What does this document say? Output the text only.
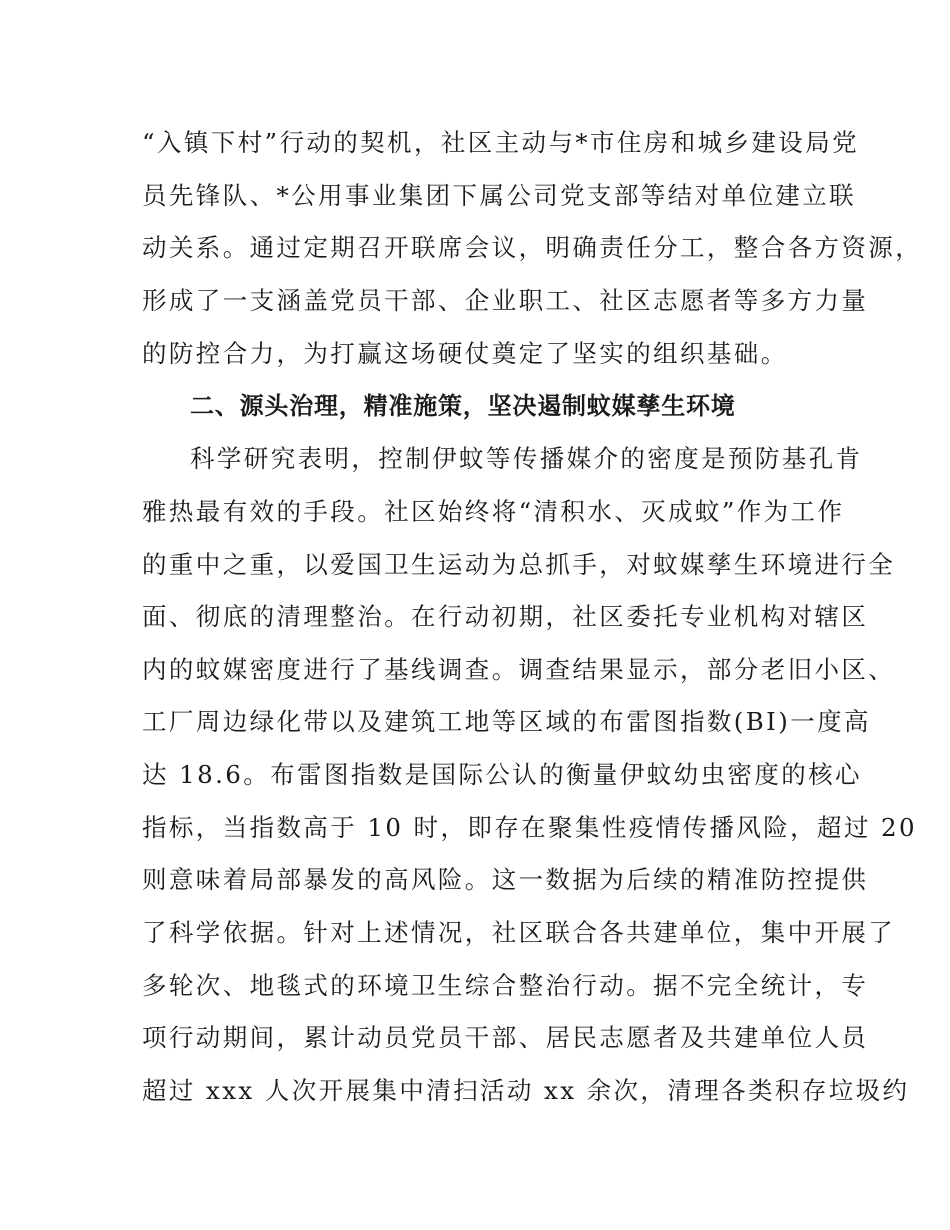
“入镇下村”行动的契机，社区主动与*市住房和城乡建设局党
员先锋队、*公用事业集团下属公司党支部等结对单位建立联
动关系。通过定期召开联席会议，明确责任分工，整合各方资源，
形成了一支涵盖党员干部、企业职工、社区志愿者等多方力量
的防控合力，为打赢这场硬仗奠定了坚实的组织基础。
二、源头治理，精准施策，坚决遏制蚊媒孳生环境
科学研究表明，控制伊蚊等传播媒介的密度是预防基孔肯
雅热最有效的手段。社区始终将“清积水、灭成蚊”作为工作
的重中之重，以爱国卫生运动为总抓手，对蚊媒孳生环境进行全
面、彻底的清理整治。在行动初期，社区委托专业机构对辖区
内的蚊媒密度进行了基线调查。调查结果显示，部分老旧小区、
工厂周边绿化带以及建筑工地等区域的布雷图指数(BI)一度高
达 18.6。布雷图指数是国际公认的衡量伊蚊幼虫密度的核心
指标，当指数高于 10 时，即存在聚集性疫情传播风险，超过 20
则意味着局部暴发的高风险。这一数据为后续的精准防控提供
了科学依据。针对上述情况，社区联合各共建单位，集中开展了
多轮次、地毯式的环境卫生综合整治行动。据不完全统计，专
项行动期间，累计动员党员干部、居民志愿者及共建单位人员
超过 xxx 人次开展集中清扫活动 xx 余次，清理各类积存垃圾约
